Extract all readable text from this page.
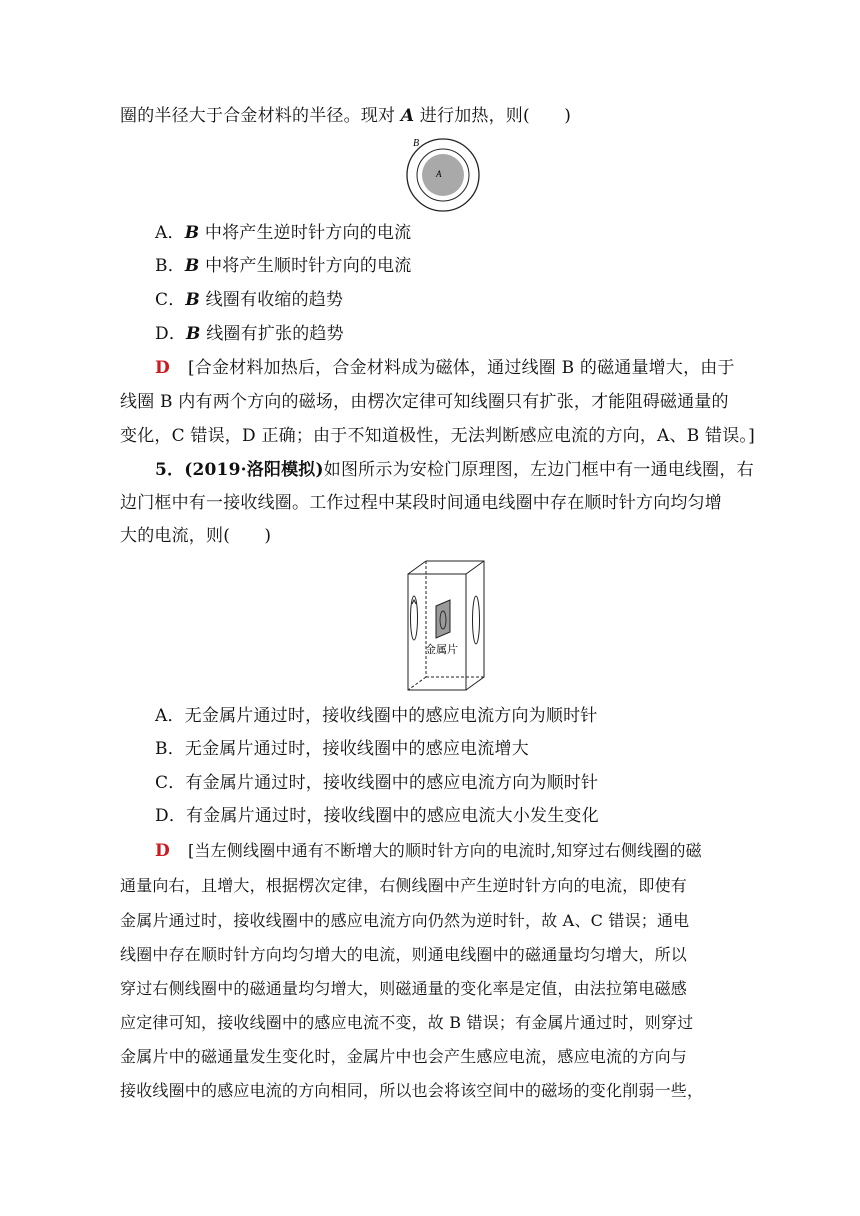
圈的半径大于合金材料的半径。现对 A 进行加热，则(　　)
B
A
A．B 中将产生逆时针方向的电流
B．B 中将产生顺时针方向的电流
C．B 线圈有收缩的趋势
D．B 线圈有扩张的趋势
D [合金材料加热后，合金材料成为磁体，通过线圈 B 的磁通量增大，由于
线圈 B 内有两个方向的磁场，由楞次定律可知线圈只有扩张，才能阻碍磁通量的
变化，C 错误，D 正确；由于不知道极性，无法判断感应电流的方向，A、B 错误。]
5．(2019·洛阳模拟)如图所示为安检门原理图，左边门框中有一通电线圈，右
边门框中有一接收线圈。工作过程中某段时间通电线圈中存在顺时针方向均匀增
大的电流，则(　　)
金属片
A．无金属片通过时，接收线圈中的感应电流方向为顺时针
B．无金属片通过时，接收线圈中的感应电流增大
C．有金属片通过时，接收线圈中的感应电流方向为顺时针
D．有金属片通过时，接收线圈中的感应电流大小发生变化
D [当左侧线圈中通有不断增大的顺时针方向的电流时,知穿过右侧线圈的磁
通量向右，且增大，根据楞次定律，右侧线圈中产生逆时针方向的电流，即使有
金属片通过时，接收线圈中的感应电流方向仍然为逆时针，故 A、C 错误；通电
线圈中存在顺时针方向均匀增大的电流，则通电线圈中的磁通量均匀增大，所以
穿过右侧线圈中的磁通量均匀增大，则磁通量的变化率是定值，由法拉第电磁感
应定律可知，接收线圈中的感应电流不变，故 B 错误；有金属片通过时，则穿过
金属片中的磁通量发生变化时，金属片中也会产生感应电流，感应电流的方向与
接收线圈中的感应电流的方向相同，所以也会将该空间中的磁场的变化削弱一些，
